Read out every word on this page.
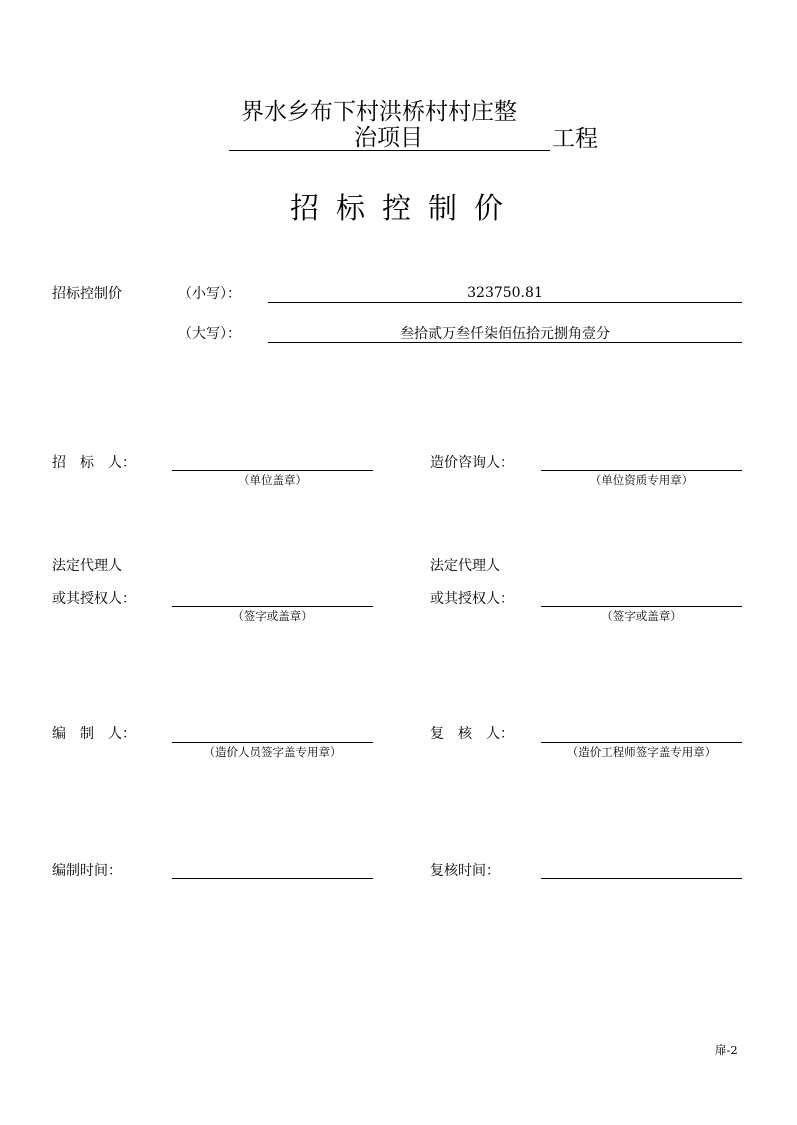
界水乡布下村洪桥村村庄整
治项目	工程
招标控制价
招标控制价	（小写）：	323750.81
（大写）：	叁拾贰万叁仟柒佰伍拾元捌角壹分
招　标　人：
（单位盖章）
造价咨询人：
（单位资质专用章）
法定代理人
或其授权人：
（签字或盖章）
法定代理人
或其授权人：
（签字或盖章）
编　制　人：
（造价人员签字盖专用章）
复　核　人：
（造价工程师签字盖专用章）
编制时间：	复核时间：
扉-2
